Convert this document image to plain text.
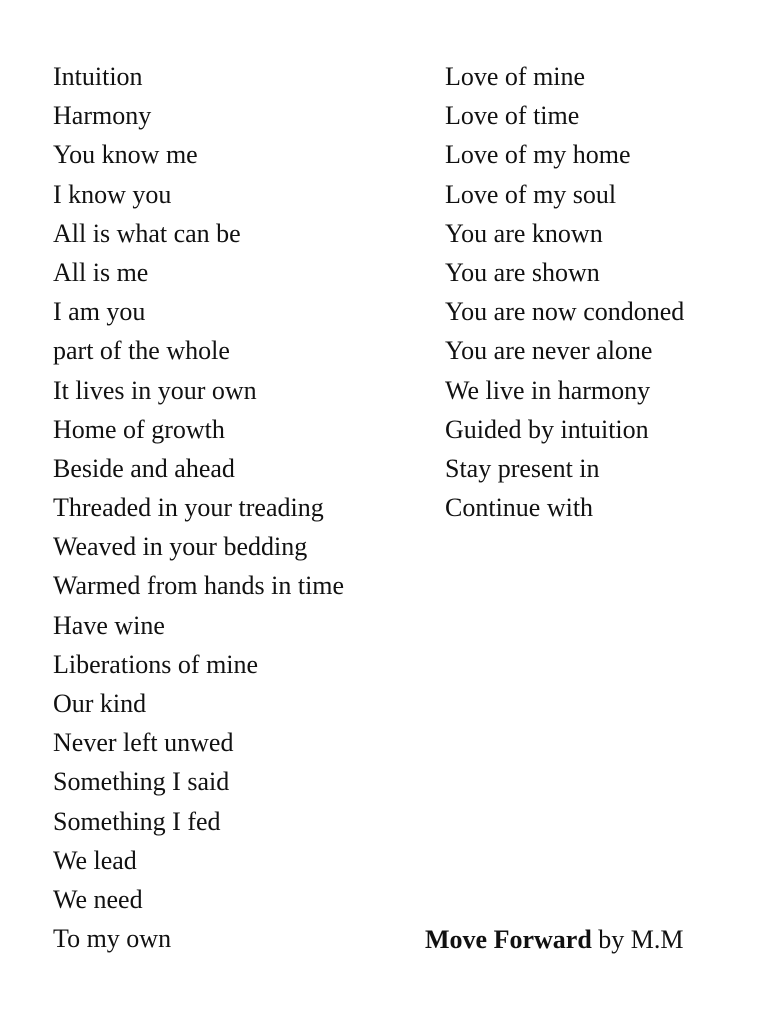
Intuition
Harmony
You know me
I know you
All is what can be
All is me
I am you
part of the whole
It lives in your own
Home of growth
Beside and ahead
Threaded in your treading
Weaved in your bedding
Warmed from hands in time
Have wine
Liberations of mine
Our kind
Never left unwed
Something I said
Something I fed
We lead
We need
To my own
Love of mine
Love of time
Love of my home
Love of my soul
You are known
You are shown
You are now condoned
You are never alone
We live in harmony
Guided by intuition
Stay present in
Continue with
Move Forward by M.M
